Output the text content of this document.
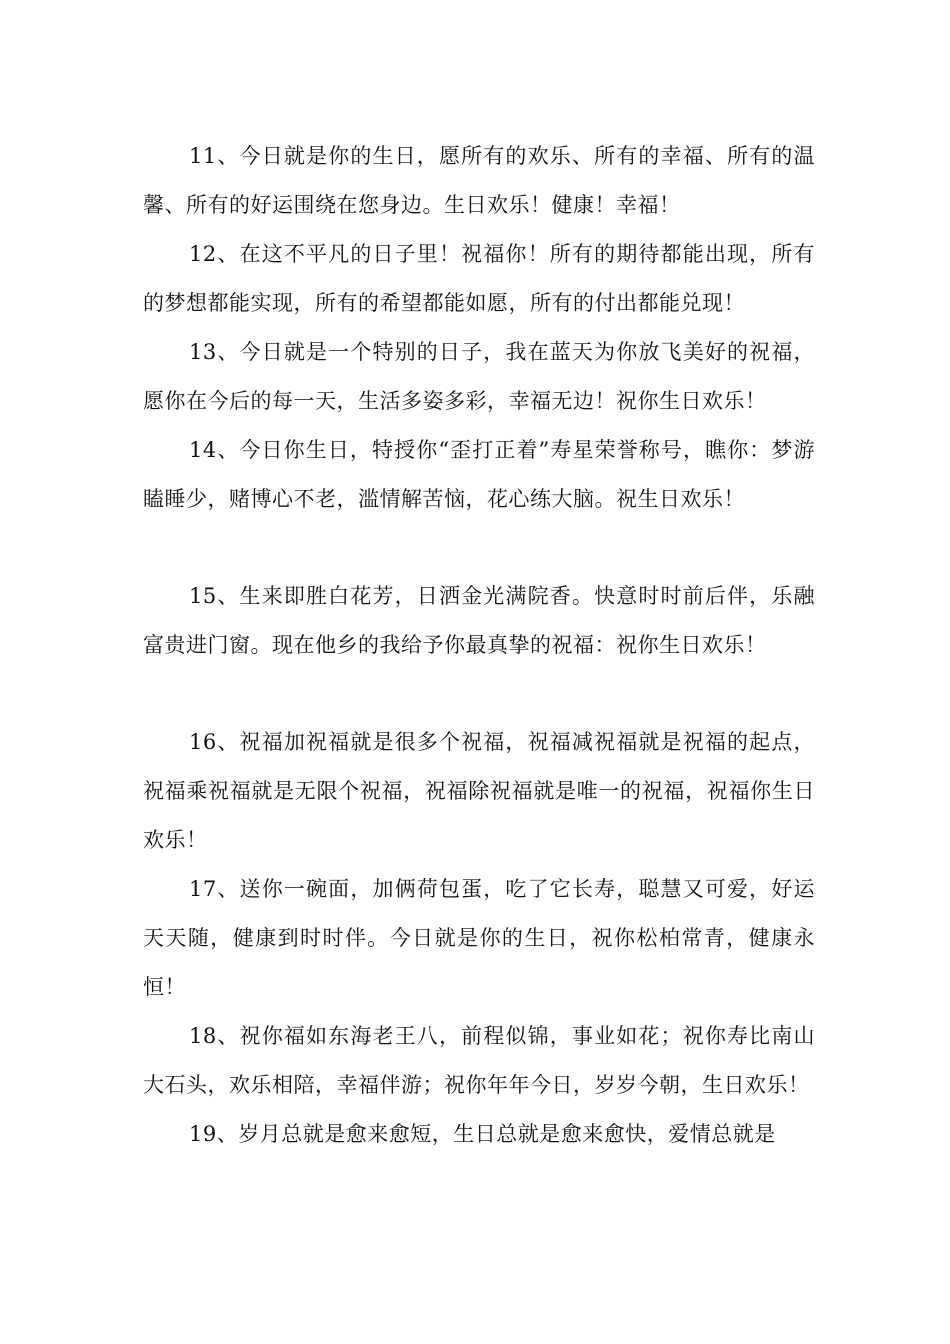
11、今日就是你的生日，愿所有的欢乐、所有的幸福、所有的温馨、所有的好运围绕在您身边。生日欢乐！健康！幸福！

12、在这不平凡的日子里！祝福你！所有的期待都能出现，所有的梦想都能实现，所有的希望都能如愿，所有的付出都能兑现！

13、今日就是一个特别的日子，我在蓝天为你放飞美好的祝福，愿你在今后的每一天，生活多姿多彩，幸福无边！祝你生日欢乐！

14、今日你生日，特授你“歪打正着”寿星荣誉称号，瞧你：梦游瞌睡少，赌博心不老，滥情解苦恼，花心练大脑。祝生日欢乐！

15、生来即胜白花芳，日洒金光满院香。快意时时前后伴，乐融富贵进门窗。现在他乡的我给予你最真挚的祝福：祝你生日欢乐！

16、祝福加祝福就是很多个祝福，祝福减祝福就是祝福的起点，祝福乘祝福就是无限个祝福，祝福除祝福就是唯一的祝福，祝福你生日欢乐！

17、送你一碗面，加俩荷包蛋，吃了它长寿，聪慧又可爱，好运天天随，健康到时时伴。今日就是你的生日，祝你松柏常青，健康永恒！

18、祝你福如东海老王八，前程似锦，事业如花；祝你寿比南山大石头，欢乐相陪，幸福伴游；祝你年年今日，岁岁今朝，生日欢乐！

19、岁月总就是愈来愈短，生日总就是愈来愈快，爱情总就是
